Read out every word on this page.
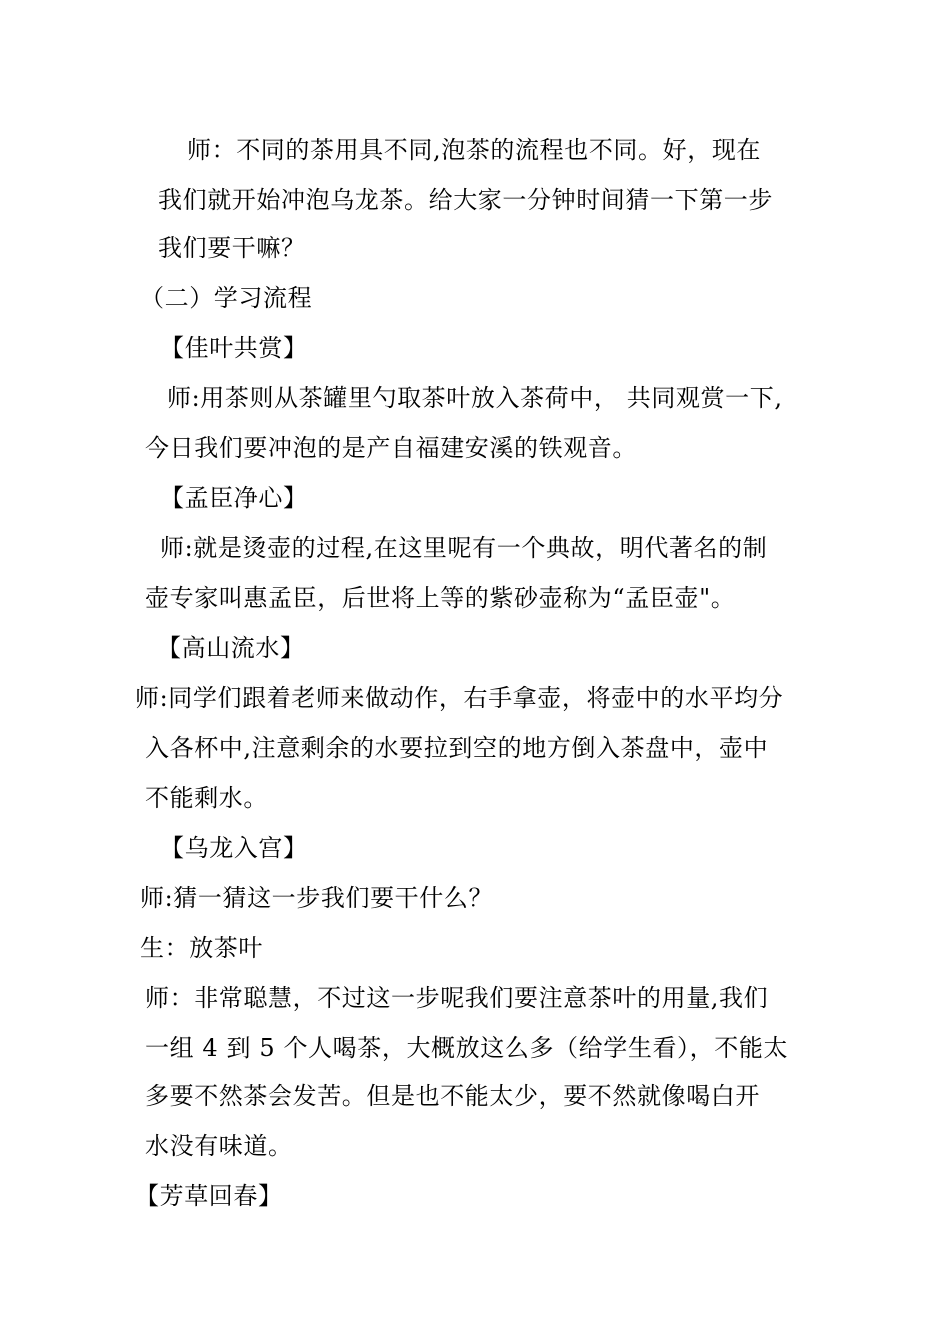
师：不同的茶用具不同,泡茶的流程也不同。好，现在
我们就开始冲泡乌龙茶。给大家一分钟时间猜一下第一步
我们要干嘛？
（二）学习流程
【佳叶共赏】
师:用茶则从茶罐里勺取茶叶放入茶荷中， 共同观赏一下,
今日我们要冲泡的是产自福建安溪的铁观音。
【孟臣净心】
师:就是烫壶的过程,在这里呢有一个典故，明代著名的制
壶专家叫惠孟臣，后世将上等的紫砂壶称为“孟臣壶"。
【高山流水】
师:同学们跟着老师来做动作，右手拿壶，将壶中的水平均分
入各杯中,注意剩余的水要拉到空的地方倒入茶盘中，壶中
不能剩水。
【乌龙入宫】
师:猜一猜这一步我们要干什么？
生：放茶叶
师：非常聪慧，不过这一步呢我们要注意茶叶的用量,我们
一组 4 到 5 个人喝茶，大概放这么多（给学生看），不能太
多要不然茶会发苦。但是也不能太少，要不然就像喝白开
水没有味道。
【芳草回春】
